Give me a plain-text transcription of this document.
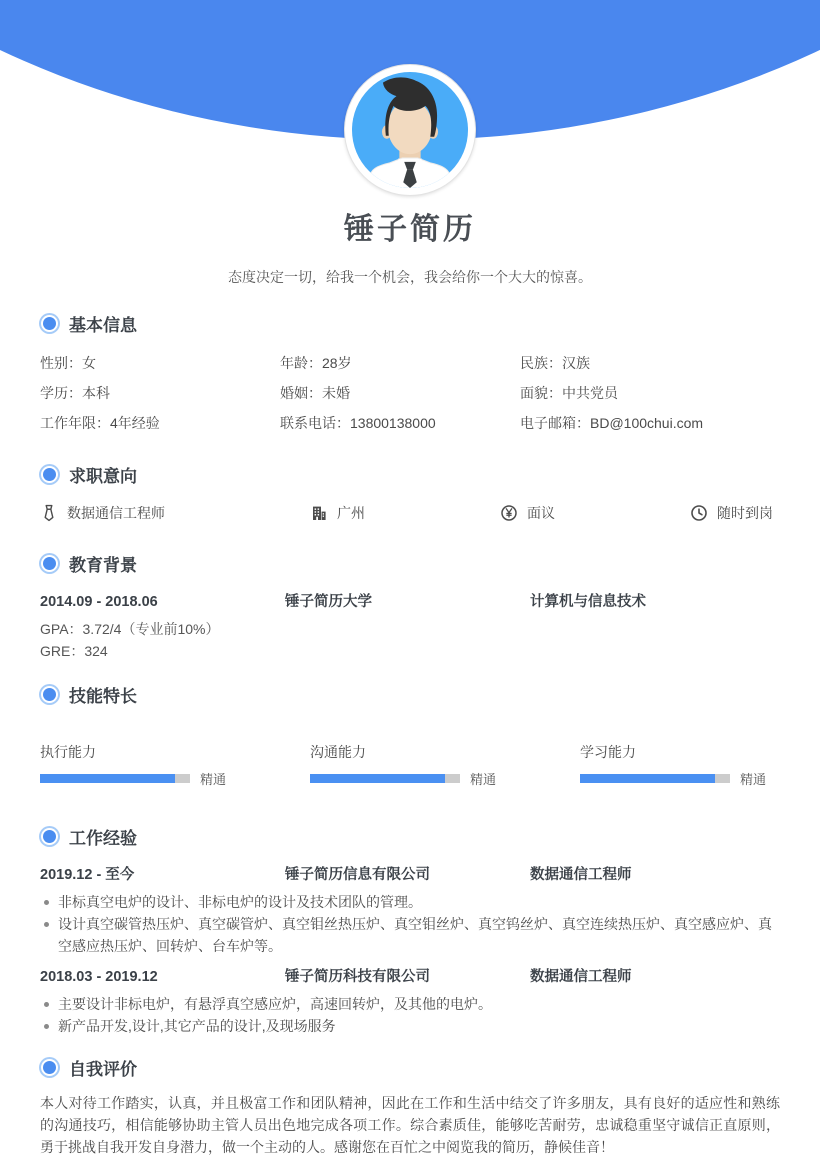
锤子简历
态度决定一切，给我一个机会，我会给你一个大大的惊喜。
基本信息
性别：女	年龄：28岁	民族：汉族
学历：本科	婚姻：未婚	面貌：中共党员
工作年限：4年经验	联系电话：13800138000	电子邮箱：BD@100chui.com
求职意向
数据通信工程师	广州	面议	随时到岗
教育背景
2014.09 - 2018.06	锤子简历大学	计算机与信息技术
GPA：3.72/4（专业前10%）
GRE：324
技能特长
执行能力
精通
沟通能力
精通
学习能力
精通
工作经验
2019.12 - 至今	锤子简历信息有限公司	数据通信工程师
非标真空电炉的设计、非标电炉的设计及技术团队的管理。
设计真空碳管热压炉、真空碳管炉、真空钼丝热压炉、真空钼丝炉、真空钨丝炉、真空连续热压炉、真空感应炉、真空感应热压炉、回转炉、台车炉等。
2018.03 - 2019.12	锤子简历科技有限公司	数据通信工程师
主要设计非标电炉，有悬浮真空感应炉，高速回转炉，及其他的电炉。
新产品开发,设计,其它产品的设计,及现场服务
自我评价

本人对待工作踏实，认真，并且极富工作和团队精神，因此在工作和生活中结交了许多朋友，具有良好的适应性和熟练的沟通技巧，相信能够协助主管人员出色地完成各项工作。综合素质佳，能够吃苦耐劳，忠诚稳重坚守诚信正直原则，勇于挑战自我开发自身潜力，做一个主动的人。感谢您在百忙之中阅览我的简历，静候佳音！
